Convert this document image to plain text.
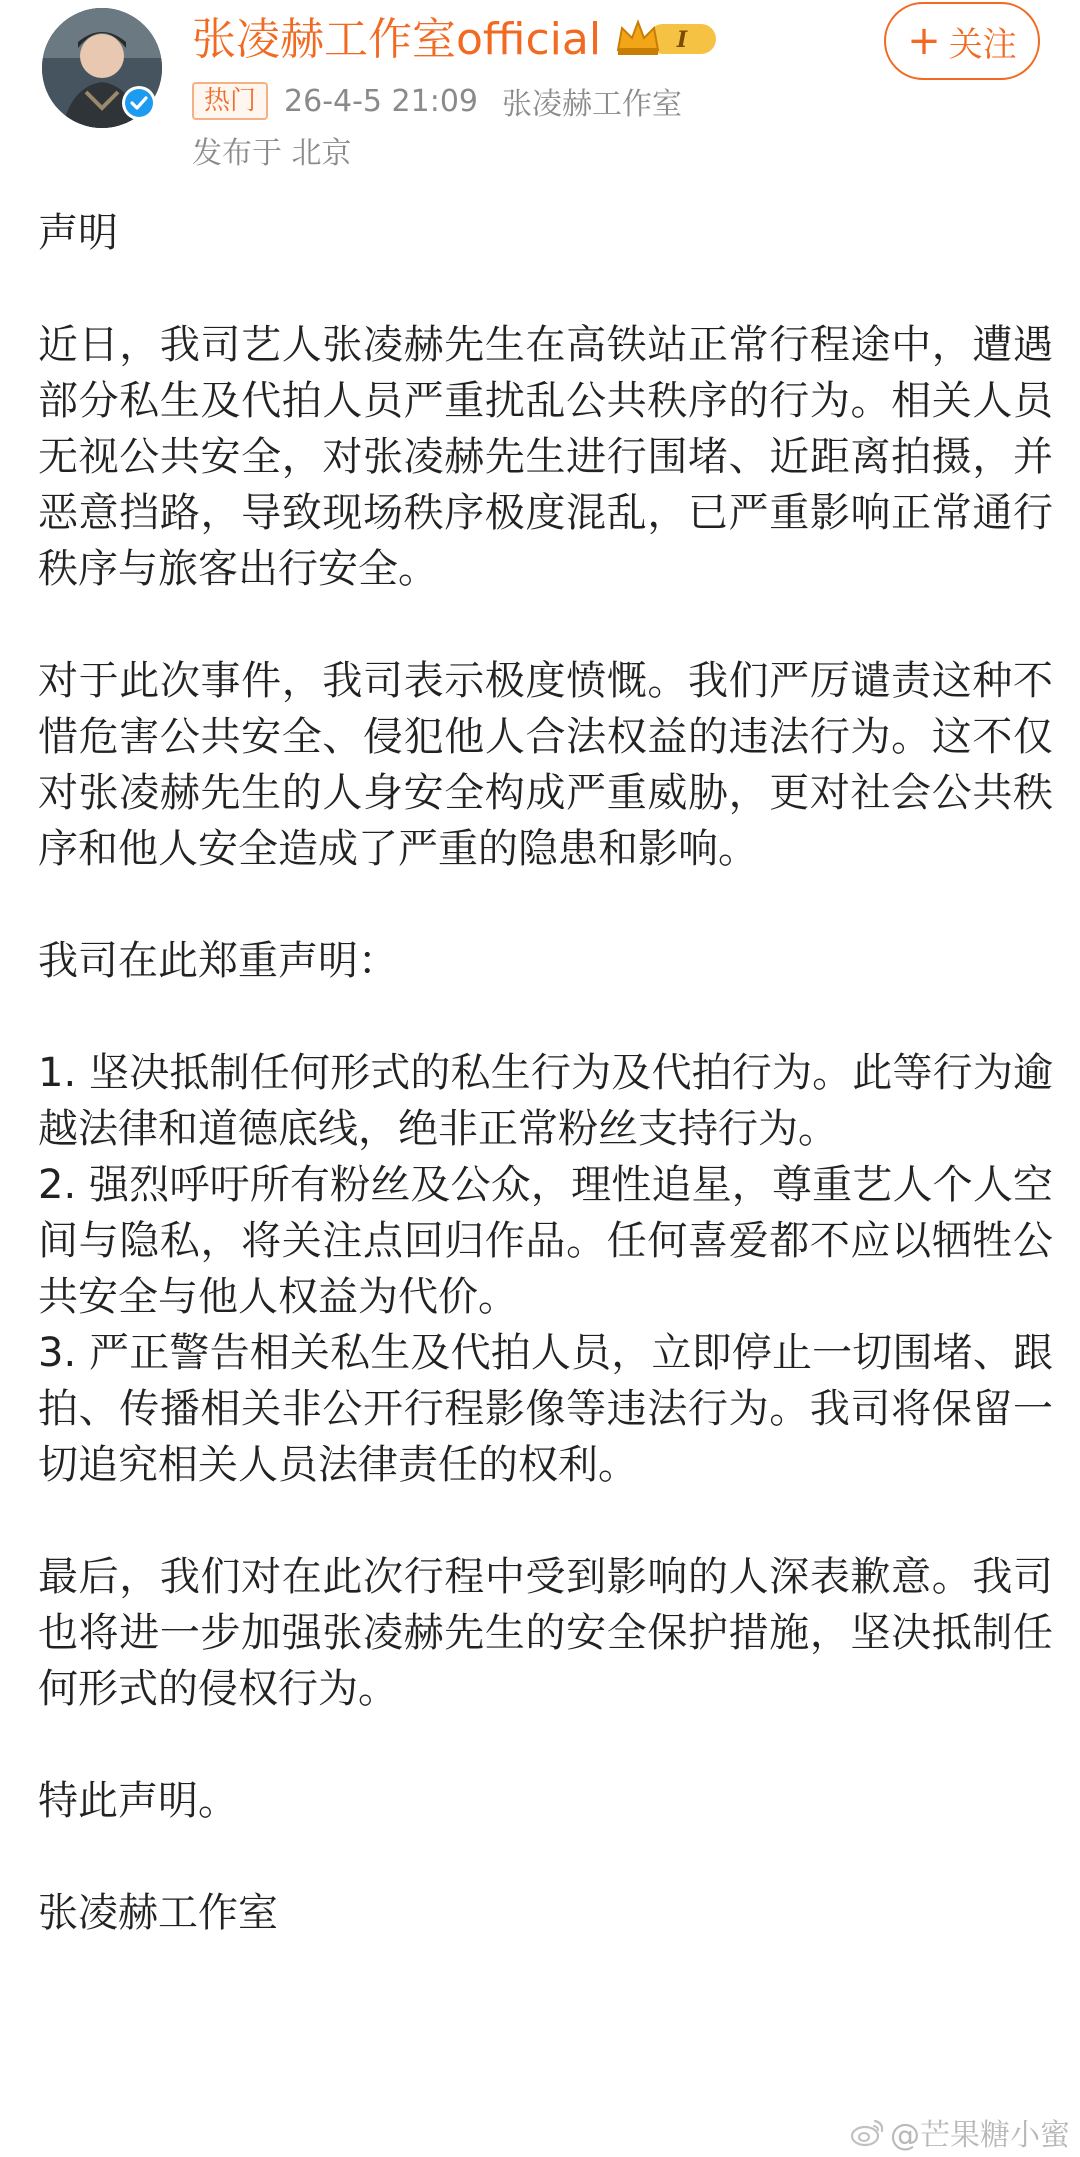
张凌赫工作室official	I
热门 26-4-5 21:09 张凌赫工作室
发布于 北京
+ 关注
声明
近日，我司艺人张凌赫先生在高铁站正常行程途中，遭遇部分私生及代拍人员严重扰乱公共秩序的行为。相关人员无视公共安全，对张凌赫先生进行围堵、近距离拍摄，并恶意挡路，导致现场秩序极度混乱，已严重影响正常通行秩序与旅客出行安全。
对于此次事件，我司表示极度愤慨。我们严厉谴责这种不惜危害公共安全、侵犯他人合法权益的违法行为。这不仅对张凌赫先生的人身安全构成严重威胁，更对社会公共秩序和他人安全造成了严重的隐患和影响。
我司在此郑重声明：
1. 坚决抵制任何形式的私生行为及代拍行为。此等行为逾越法律和道德底线，绝非正常粉丝支持行为。
2. 强烈呼吁所有粉丝及公众，理性追星，尊重艺人个人空间与隐私，将关注点回归作品。任何喜爱都不应以牺牲公共安全与他人权益为代价。
3. 严正警告相关私生及代拍人员，立即停止一切围堵、跟拍、传播相关非公开行程影像等违法行为。我司将保留一切追究相关人员法律责任的权利。
最后，我们对在此次行程中受到影响的人深表歉意。我司也将进一步加强张凌赫先生的安全保护措施，坚决抵制任何形式的侵权行为。
特此声明。
张凌赫工作室
@芒果糖小蜜
